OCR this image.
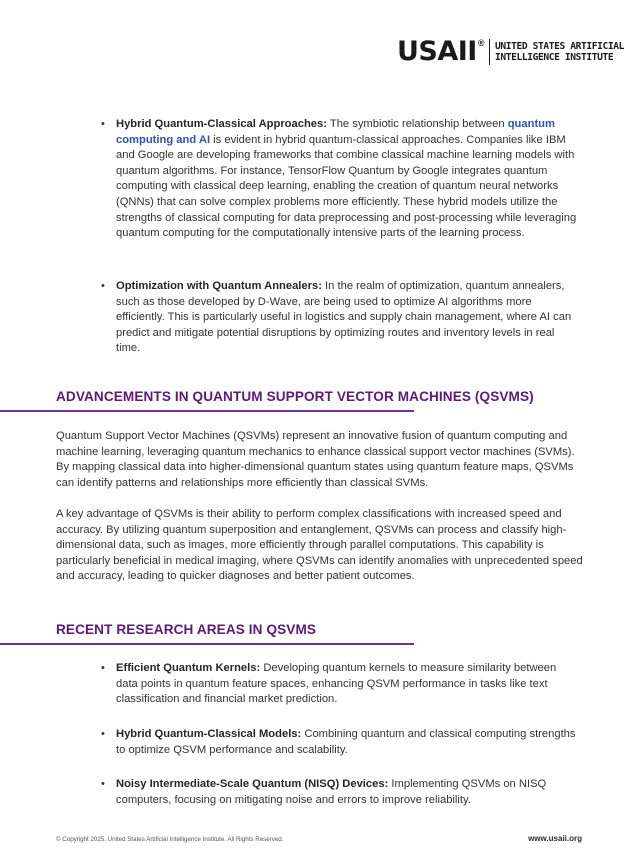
USAII ® UNITED STATES ARTIFICIAL
INTELLIGENCE INSTITUTE
• Hybrid Quantum-Classical Approaches: The symbiotic relationship between quantum computing and AI is evident in hybrid quantum-classical approaches. Companies like IBM and Google are developing frameworks that combine classical machine learning models with quantum algorithms. For instance, TensorFlow Quantum by Google integrates quantum computing with classical deep learning, enabling the creation of quantum neural networks (QNNs) that can solve complex problems more efficiently. These hybrid models utilize the strengths of classical computing for data preprocessing and post-processing while leveraging quantum computing for the computationally intensive parts of the learning process.
• Optimization with Quantum Annealers: In the realm of optimization, quantum annealers, such as those developed by D-Wave, are being used to optimize AI algorithms more efficiently. This is particularly useful in logistics and supply chain management, where AI can predict and mitigate potential disruptions by optimizing routes and inventory levels in real time.
ADVANCEMENTS IN QUANTUM SUPPORT VECTOR MACHINES (QSVMS)
Quantum Support Vector Machines (QSVMs) represent an innovative fusion of quantum computing and machine learning, leveraging quantum mechanics to enhance classical support vector machines (SVMs). By mapping classical data into higher-dimensional quantum states using quantum feature maps, QSVMs can identify patterns and relationships more efficiently than classical SVMs.
A key advantage of QSVMs is their ability to perform complex classifications with increased speed and accuracy. By utilizing quantum superposition and entanglement, QSVMs can process and classify high-dimensional data, such as images, more efficiently through parallel computations. This capability is particularly beneficial in medical imaging, where QSVMs can identify anomalies with unprecedented speed and accuracy, leading to quicker diagnoses and better patient outcomes.
RECENT RESEARCH AREAS IN QSVMS
• Efficient Quantum Kernels: Developing quantum kernels to measure similarity between data points in quantum feature spaces, enhancing QSVM performance in tasks like text classification and financial market prediction.
• Hybrid Quantum-Classical Models: Combining quantum and classical computing strengths to optimize QSVM performance and scalability.
• Noisy Intermediate-Scale Quantum (NISQ) Devices: Implementing QSVMs on NISQ computers, focusing on mitigating noise and errors to improve reliability.
© Copyright 2025. United States Artificial Intelligence Institute. All Rights Reserved.	www.usaii.org
